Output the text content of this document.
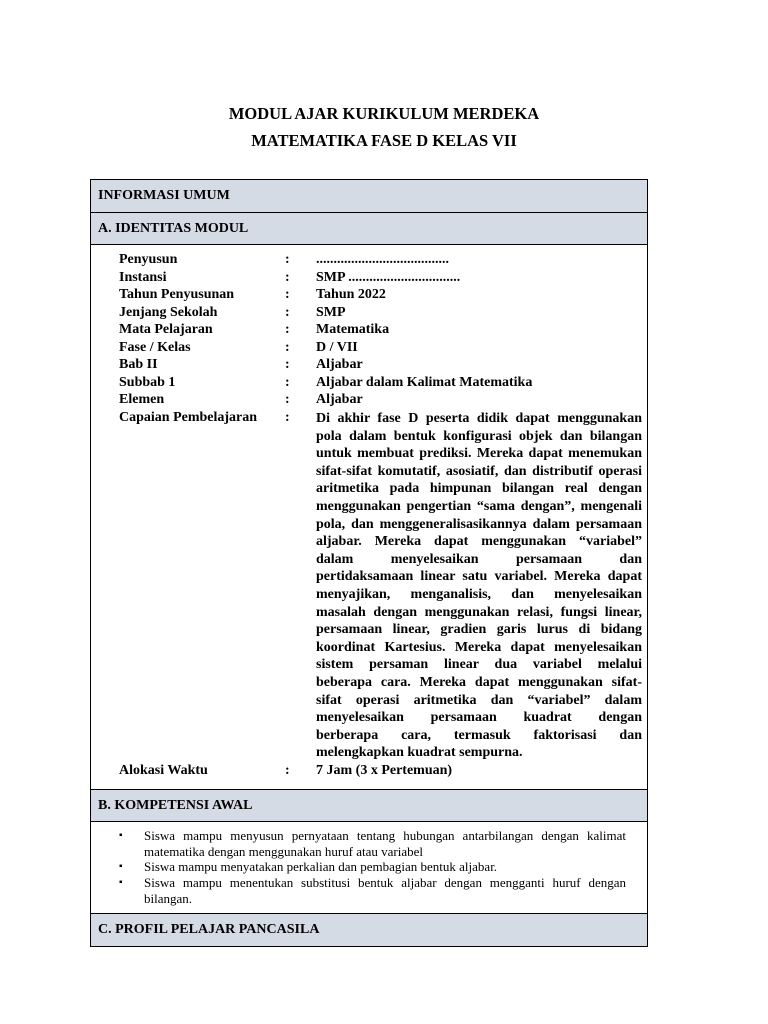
MODUL AJAR KURIKULUM MERDEKA
MATEMATIKA FASE D KELAS VII
INFORMASI UMUM
A. IDENTITAS MODUL
Penyusun	: ......................................
Instansi	: SMP ................................
Tahun Penyusunan	: Tahun 2022
Jenjang Sekolah	: SMP
Mata Pelajaran	: Matematika
Fase / Kelas	: D / VII
Bab II	: Aljabar
Subbab 1	: Aljabar dalam Kalimat Matematika
Elemen	: Aljabar
Capaian Pembelajaran : Di akhir fase D peserta didik dapat menggunakan
pola dalam bentuk konfigurasi objek dan bilangan
untuk membuat prediksi. Mereka dapat menemukan
sifat-sifat komutatif, asosiatif, dan distributif operasi
aritmetika pada himpunan bilangan real dengan
menggunakan pengertian “sama dengan”, mengenali
pola, dan menggeneralisasikannya dalam persamaan
aljabar. Mereka dapat menggunakan “variabel”
dalam menyelesaikan persamaan dan
pertidaksamaan linear satu variabel. Mereka dapat
menyajikan, menganalisis, dan menyelesaikan
masalah dengan menggunakan relasi, fungsi linear,
persamaan linear, gradien garis lurus di bidang
koordinat Kartesius. Mereka dapat menyelesaikan
sistem persaman linear dua variabel melalui
beberapa cara. Mereka dapat menggunakan sifat-
sifat operasi aritmetika dan “variabel” dalam
menyelesaikan persamaan kuadrat dengan
berberapa cara, termasuk faktorisasi dan
melengkapkan kuadrat sempurna.
Alokasi Waktu	: 7 Jam (3 x Pertemuan)
B. KOMPETENSI AWAL
▪ Siswa mampu menyusun pernyataan tentang hubungan antarbilangan dengan kalimat matematika dengan menggunakan huruf atau variabel
▪ Siswa mampu menyatakan perkalian dan pembagian bentuk aljabar.
▪ Siswa mampu menentukan substitusi bentuk aljabar dengan mengganti huruf dengan bilangan.
C. PROFIL PELAJAR PANCASILA
